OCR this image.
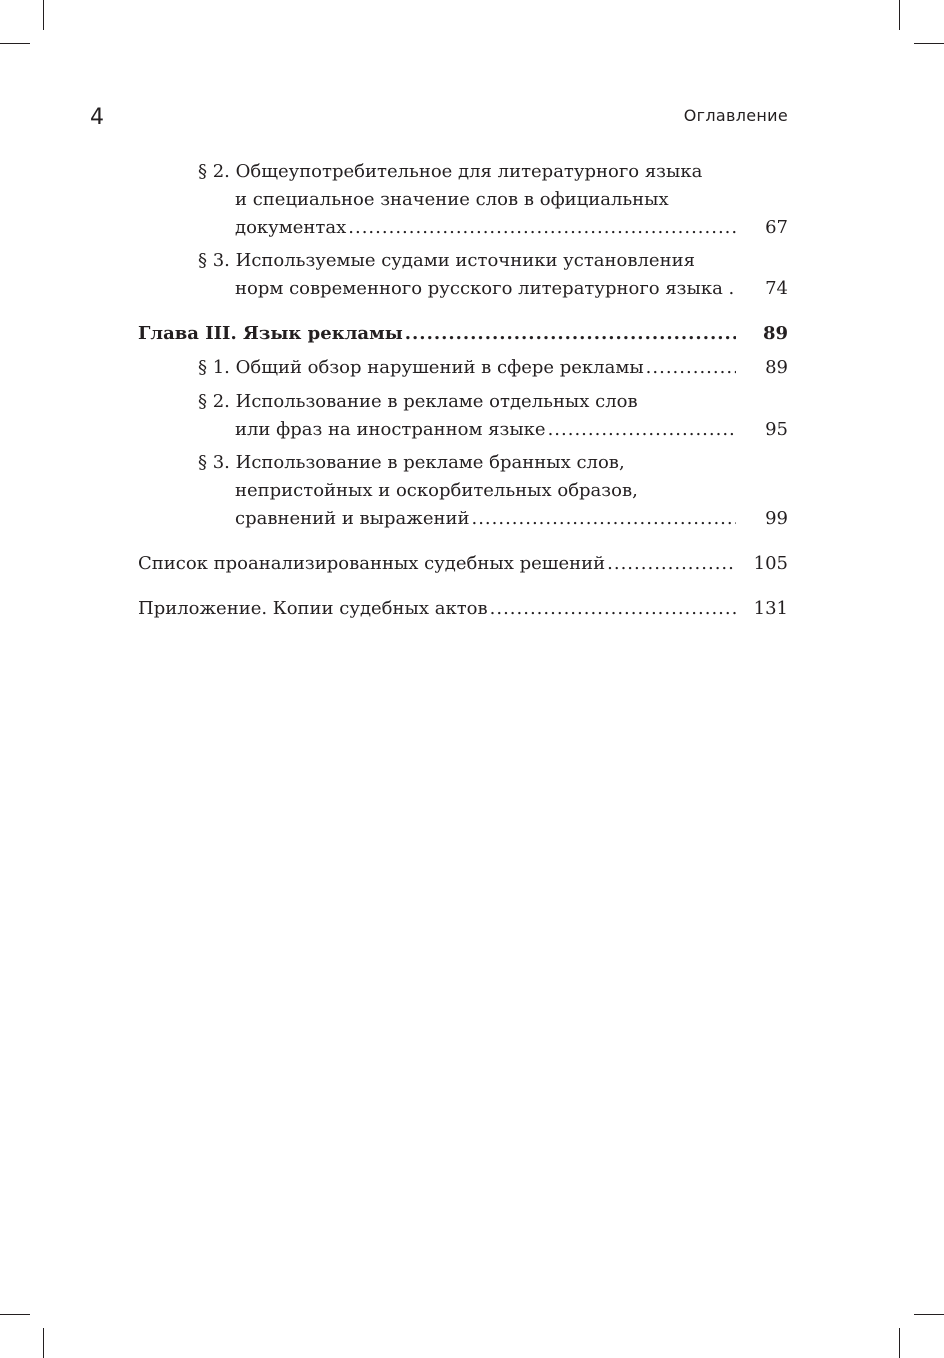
4	Оглавление
§ 2. Общеупотребительное для литературного языка
и специальное значение слов в официальных
документах .....	67
§ 3. Используемые судами источники установления
норм современного русского литературного языка .	74
Глава III. Язык рекламы .....	89
§ 1. Общий обзор нарушений в сфере рекламы .....	89
§ 2. Использование в рекламе отдельных слов
или фраз на иностранном языке .....	95
§ 3. Использование в рекламе бранных слов,
непристойных и оскорбительных образов,
сравнений и выражений .....	99
Список проанализированных судебных решений .....	105
Приложение. Копии судебных актов .....	131
